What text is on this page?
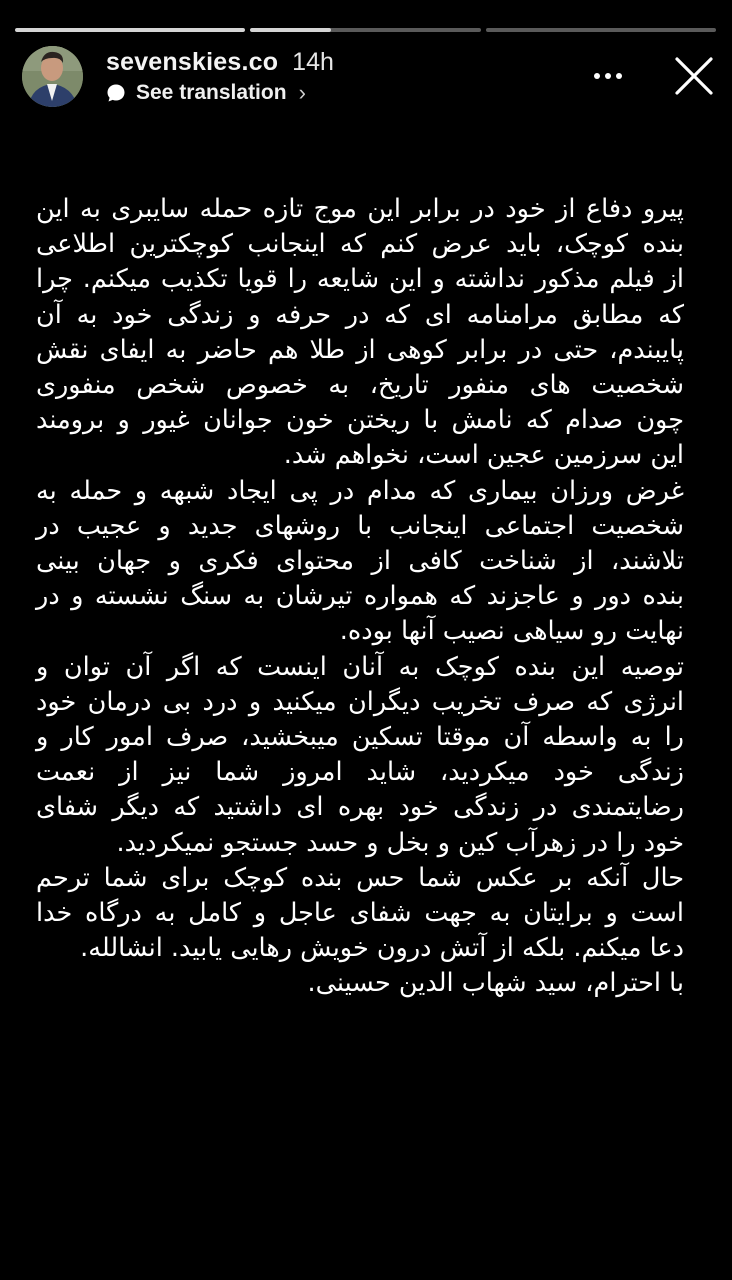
sevenskies.co 14h
See translation ›
پیرو دفاع از خود در برابر این موج تازه حمله سایبری به این
بنده کوچک، باید عرض کنم که اینجانب کوچکترین اطلاعی
از فیلم مذکور نداشته و این شایعه را قویا تکذیب میکنم. چرا
که مطابق مرامنامه ای که در حرفه و زندگی خود به آن
پایبندم، حتی در برابر کوهی از طلا هم حاضر به ایفای نقش
شخصیت های منفور تاریخ، به خصوص شخص منفوری
چون صدام که نامش با ریختن خون جوانان غیور و برومند
این سرزمین عجین است، نخواهم شد.
غرض ورزان بیماری که مدام در پی ایجاد شبهه و حمله به
شخصیت اجتماعی اینجانب با روشهای جدید و عجیب در
تلاشند، از شناخت کافی از محتوای فکری و جهان بینی
بنده دور و عاجزند که همواره تیرشان به سنگ نشسته و در
نهایت رو سیاهی نصیب آنها بوده.
توصیه این بنده کوچک به آنان اینست که اگر آن توان و
انرژی که صرف تخریب دیگران میکنید و درد بی درمان خود
را به واسطه آن موقتا تسکین میبخشید، صرف امور کار و
زندگی خود میکردید، شاید امروز شما نیز از نعمت
رضایتمندی در زندگی خود بهره ای داشتید که دیگر شفای
خود را در زهرآب کین و بخل و حسد جستجو نمیکردید.
حال آنکه بر عکس شما حس بنده کوچک برای شما ترحم
است و برایتان به جهت شفای عاجل و کامل به درگاه خدا
دعا میکنم. بلکه از آتش درون خویش رهایی یابید. انشالله.
با احترام، سید شهاب الدین حسینی.
